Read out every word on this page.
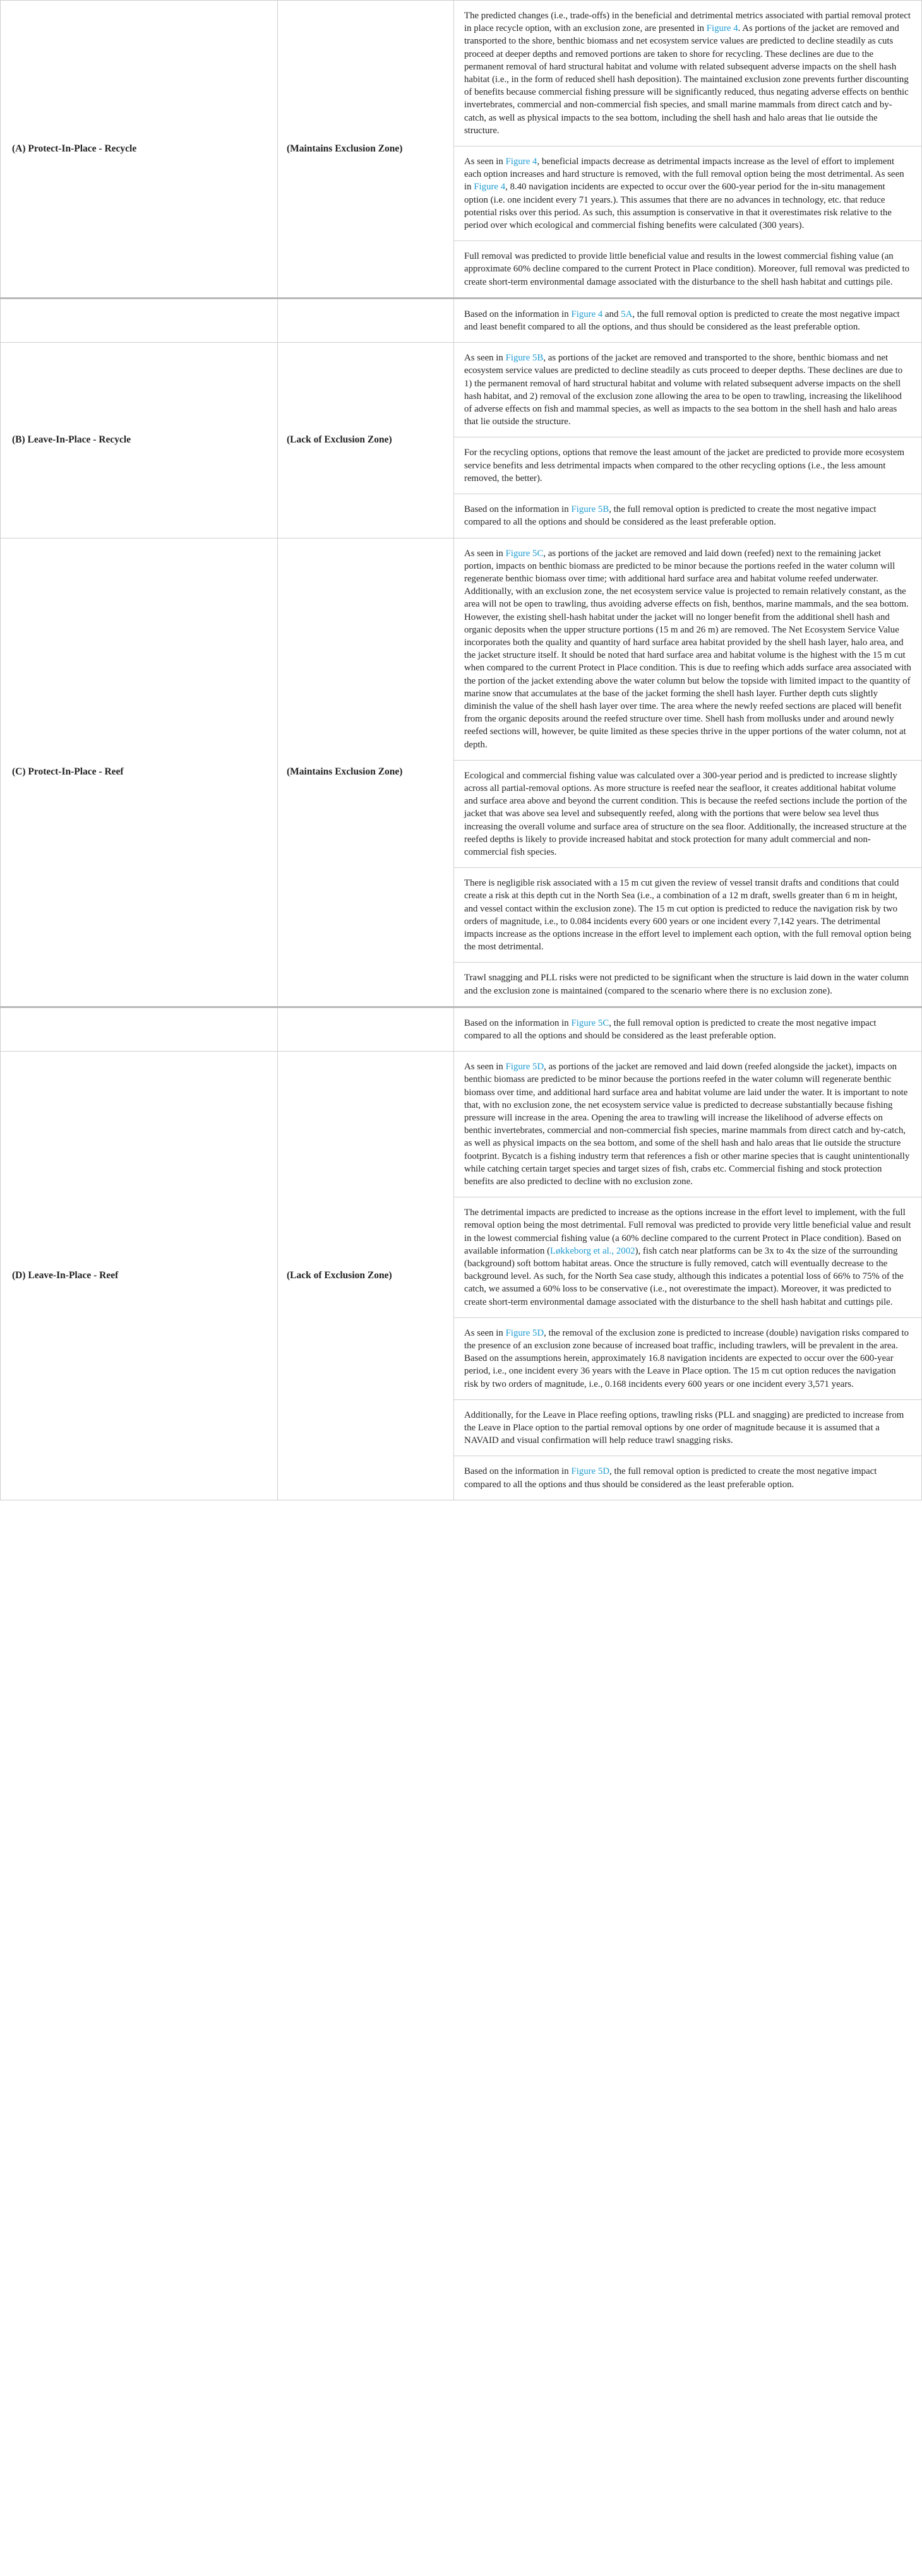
(A) Protect-In-Place - Recycle	(Maintains Exclusion Zone)	The predicted changes (i.e., trade-offs) in the beneficial and detrimental metrics associated with partial removal protect in place recycle option, with an exclusion zone, are presented in Figure 4. As portions of the jacket are removed and transported to the shore, benthic biomass and net ecosystem service values are predicted to decline steadily as cuts proceed at deeper depths and removed portions are taken to shore for recycling. These declines are due to the permanent removal of hard structural habitat and volume with related subsequent adverse impacts on the shell hash habitat (i.e., in the form of reduced shell hash deposition). The maintained exclusion zone prevents further discounting of benefits because commercial fishing pressure will be significantly reduced, thus negating adverse effects on benthic invertebrates, commercial and non-commercial fish species, and small marine mammals from direct catch and by-catch, as well as physical impacts to the sea bottom, including the shell hash and halo areas that lie outside the structure.
As seen in Figure 4, beneficial impacts decrease as detrimental impacts increase as the level of effort to implement each option increases and hard structure is removed, with the full removal option being the most detrimental. As seen in Figure 4, 8.40 navigation incidents are expected to occur over the 600-year period for the in-situ management option (i.e. one incident every 71 years.). This assumes that there are no advances in technology, etc. that reduce potential risks over this period. As such, this assumption is conservative in that it overestimates risk relative to the period over which ecological and commercial fishing benefits were calculated (300 years).
Full removal was predicted to provide little beneficial value and results in the lowest commercial fishing value (an approximate 60% decline compared to the current Protect in Place condition). Moreover, full removal was predicted to create short-term environmental damage associated with the disturbance to the shell hash habitat and cuttings pile.

		Based on the information in Figure 4 and 5A, the full removal option is predicted to create the most negative impact and least benefit compared to all the options, and thus should be considered as the least preferable option.

(B) Leave-In-Place - Recycle	(Lack of Exclusion Zone)	As seen in Figure 5B, as portions of the jacket are removed and transported to the shore, benthic biomass and net ecosystem service values are predicted to decline steadily as cuts proceed to deeper depths. These declines are due to 1) the permanent removal of hard structural habitat and volume with related subsequent adverse impacts on the shell hash habitat, and 2) removal of the exclusion zone allowing the area to be open to trawling, increasing the likelihood of adverse effects on fish and mammal species, as well as impacts to the sea bottom in the shell hash and halo areas that lie outside the structure.
For the recycling options, options that remove the least amount of the jacket are predicted to provide more ecosystem service benefits and less detrimental impacts when compared to the other recycling options (i.e., the less amount removed, the better).
Based on the information in Figure 5B, the full removal option is predicted to create the most negative impact compared to all the options and should be considered as the least preferable option.

(C) Protect-In-Place - Reef	(Maintains Exclusion Zone)	As seen in Figure 5C, as portions of the jacket are removed and laid down (reefed) next to the remaining jacket portion, impacts on benthic biomass are predicted to be minor because the portions reefed in the water column will regenerate benthic biomass over time; with additional hard surface area and habitat volume reefed underwater. Additionally, with an exclusion zone, the net ecosystem service value is projected to remain relatively constant, as the area will not be open to trawling, thus avoiding adverse effects on fish, benthos, marine mammals, and the sea bottom. However, the existing shell-hash habitat under the jacket will no longer benefit from the additional shell hash and organic deposits when the upper structure portions (15 m and 26 m) are removed. The Net Ecosystem Service Value incorporates both the quality and quantity of hard surface area habitat provided by the shell hash layer, halo area, and the jacket structure itself. It should be noted that hard surface area and habitat volume is the highest with the 15 m cut when compared to the current Protect in Place condition. This is due to reefing which adds surface area associated with the portion of the jacket extending above the water column but below the topside with limited impact to the quantity of marine snow that accumulates at the base of the jacket forming the shell hash layer. Further depth cuts slightly diminish the value of the shell hash layer over time. The area where the newly reefed sections are placed will benefit from the organic deposits around the reefed structure over time. Shell hash from mollusks under and around newly reefed sections will, however, be quite limited as these species thrive in the upper portions of the water column, not at depth.
Ecological and commercial fishing value was calculated over a 300-year period and is predicted to increase slightly across all partial-removal options. As more structure is reefed near the seafloor, it creates additional habitat volume and surface area above and beyond the current condition. This is because the reefed sections include the portion of the jacket that was above sea level and subsequently reefed, along with the portions that were below sea level thus increasing the overall volume and surface area of structure on the sea floor. Additionally, the increased structure at the reefed depths is likely to provide increased habitat and stock protection for many adult commercial and non-commercial fish species.
There is negligible risk associated with a 15 m cut given the review of vessel transit drafts and conditions that could create a risk at this depth cut in the North Sea (i.e., a combination of a 12 m draft, swells greater than 6 m in height, and vessel contact within the exclusion zone). The 15 m cut option is predicted to reduce the navigation risk by two orders of magnitude, i.e., to 0.084 incidents every 600 years or one incident every 7,142 years. The detrimental impacts increase as the options increase in the effort level to implement each option, with the full removal option being the most detrimental.
Trawl snagging and PLL risks were not predicted to be significant when the structure is laid down in the water column and the exclusion zone is maintained (compared to the scenario where there is no exclusion zone).

		Based on the information in Figure 5C, the full removal option is predicted to create the most negative impact compared to all the options and should be considered as the least preferable option.

(D) Leave-In-Place - Reef	(Lack of Exclusion Zone)	As seen in Figure 5D, as portions of the jacket are removed and laid down (reefed alongside the jacket), impacts on benthic biomass are predicted to be minor because the portions reefed in the water column will regenerate benthic biomass over time, and additional hard surface area and habitat volume are laid under the water. It is important to note that, with no exclusion zone, the net ecosystem service value is predicted to decrease substantially because fishing pressure will increase in the area. Opening the area to trawling will increase the likelihood of adverse effects on benthic invertebrates, commercial and non-commercial fish species, marine mammals from direct catch and by-catch, as well as physical impacts on the sea bottom, and some of the shell hash and halo areas that lie outside the structure footprint. Bycatch is a fishing industry term that references a fish or other marine species that is caught unintentionally while catching certain target species and target sizes of fish, crabs etc. Commercial fishing and stock protection benefits are also predicted to decline with no exclusion zone.
The detrimental impacts are predicted to increase as the options increase in the effort level to implement, with the full removal option being the most detrimental. Full removal was predicted to provide very little beneficial value and result in the lowest commercial fishing value (a 60% decline compared to the current Protect in Place condition). Based on available information (Løkkeborg et al., 2002), fish catch near platforms can be 3x to 4x the size of the surrounding (background) soft bottom habitat areas. Once the structure is fully removed, catch will eventually decrease to the background level. As such, for the North Sea case study, although this indicates a potential loss of 66% to 75% of the catch, we assumed a 60% loss to be conservative (i.e., not overestimate the impact). Moreover, it was predicted to create short-term environmental damage associated with the disturbance to the shell hash habitat and cuttings pile.
As seen in Figure 5D, the removal of the exclusion zone is predicted to increase (double) navigation risks compared to the presence of an exclusion zone because of increased boat traffic, including trawlers, will be prevalent in the area. Based on the assumptions herein, approximately 16.8 navigation incidents are expected to occur over the 600-year period, i.e., one incident every 36 years with the Leave in Place option. The 15 m cut option reduces the navigation risk by two orders of magnitude, i.e., 0.168 incidents every 600 years or one incident every 3,571 years.
Additionally, for the Leave in Place reefing options, trawling risks (PLL and snagging) are predicted to increase from the Leave in Place option to the partial removal options by one order of magnitude because it is assumed that a NAVAID and visual confirmation will help reduce trawl snagging risks.
Based on the information in Figure 5D, the full removal option is predicted to create the most negative impact compared to all the options and thus should be considered as the least preferable option.
